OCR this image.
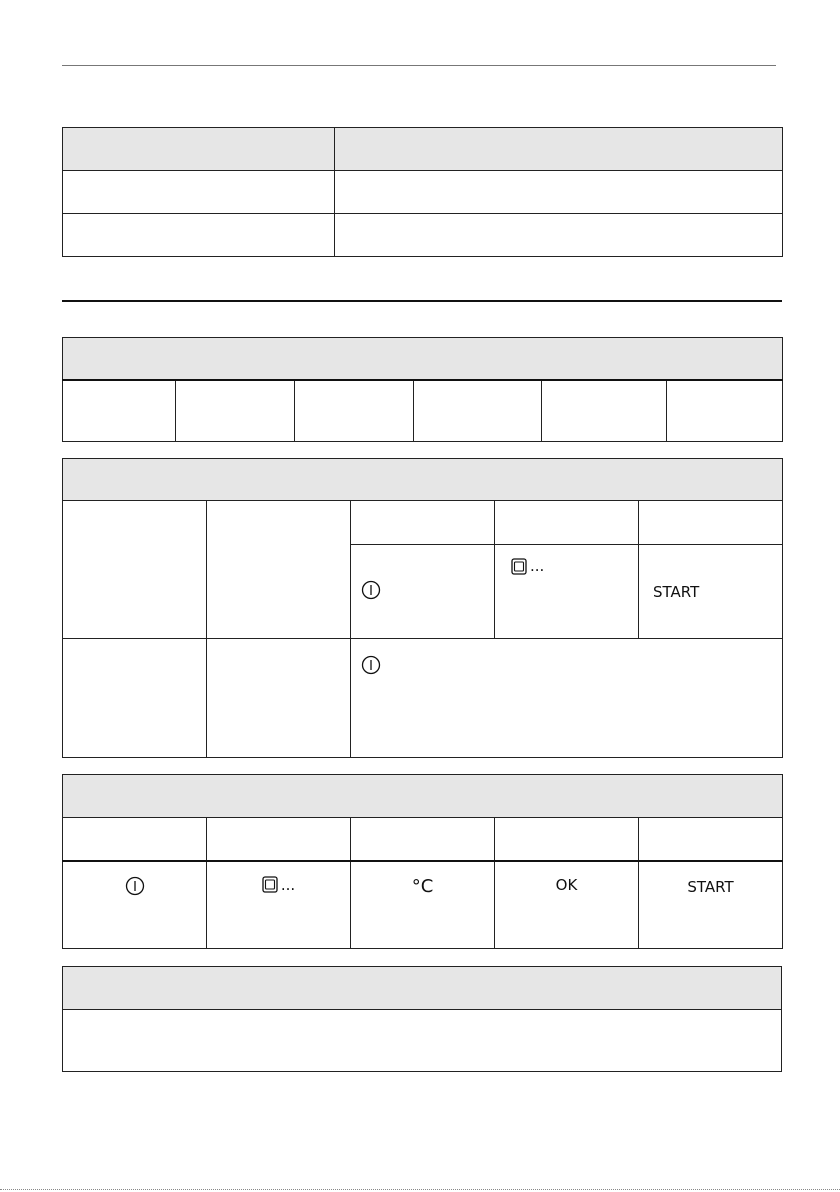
...	START

...	°C	OK	START
